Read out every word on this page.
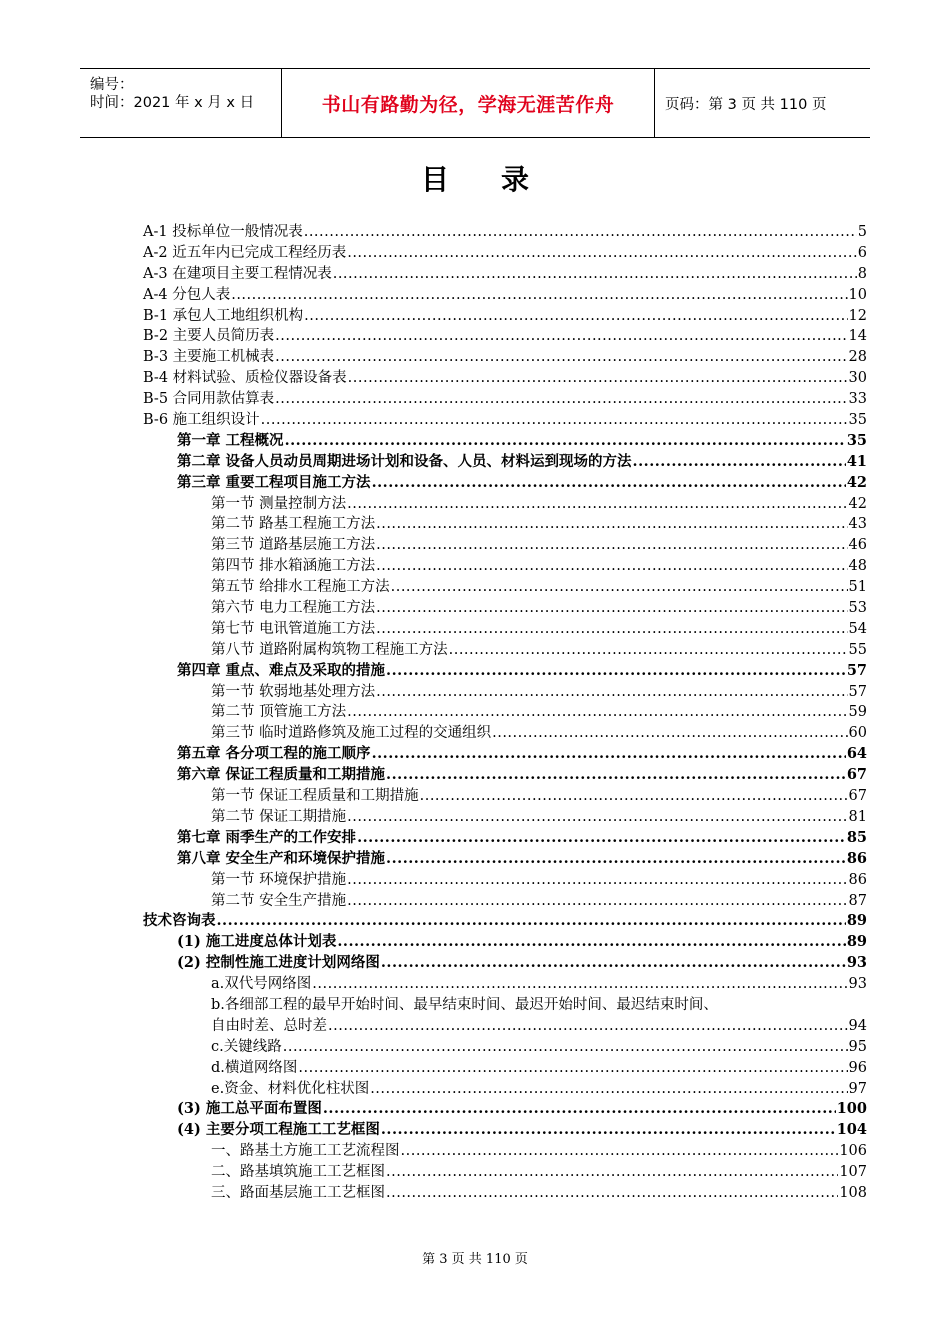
编号：
时间：2021 年 x 月 x 日	书山有路勤为径，学海无涯苦作舟	页码：第 3 页 共 110 页
目录
A-1 投标单位一般情况表 .....	5
A-2 近五年内已完成工程经历表 .....	6
A-3 在建项目主要工程情况表 .....	8
A-4 分包人表 .....	10
B-1 承包人工地组织机构 .....	12
B-2 主要人员简历表 .....	14
B-3 主要施工机械表 .....	28
B-4 材料试验、质检仪器设备表 .....	30
B-5 合同用款估算表 .....	33
B-6 施工组织设计 .....	35
第一章 工程概况 .....	35
第二章 设备人员动员周期进场计划和设备、人员、材料运到现场的方法 .....	41
第三章 重要工程项目施工方法 .....	42
第一节 测量控制方法 .....	42
第二节 路基工程施工方法 .....	43
第三节 道路基层施工方法 .....	46
第四节 排水箱涵施工方法 .....	48
第五节 给排水工程施工方法 .....	51
第六节 电力工程施工方法 .....	53
第七节 电讯管道施工方法 .....	54
第八节 道路附属构筑物工程施工方法 .....	55
第四章 重点、难点及采取的措施 .....	57
第一节 软弱地基处理方法 .....	57
第二节 顶管施工方法 .....	59
第三节 临时道路修筑及施工过程的交通组织 .....	60
第五章 各分项工程的施工顺序 .....	64
第六章 保证工程质量和工期措施 .....	67
第一节 保证工程质量和工期措施 .....	67
第二节 保证工期措施 .....	81
第七章 雨季生产的工作安排 .....	85
第八章 安全生产和环境保护措施 .....	86
第一节 环境保护措施 .....	86
第二节 安全生产措施 .....	87
技术咨询表 .....	89
(1) 施工进度总体计划表 .....	89
(2) 控制性施工进度计划网络图 .....	93
a.双代号网络图 .....	93
b.各细部工程的最早开始时间、最早结束时间、最迟开始时间、最迟结束时间、
自由时差、总时差 .....	94
c.关键线路 .....	95
d.横道网络图 .....	96
e.资金、材料优化柱状图 .....	97
(3) 施工总平面布置图 .....	100
(4) 主要分项工程施工工艺框图 .....	104
一、路基土方施工工艺流程图 .....	106
二、路基填筑施工工艺框图 .....	107
三、路面基层施工工艺框图 .....	108
第 3 页 共 110 页
